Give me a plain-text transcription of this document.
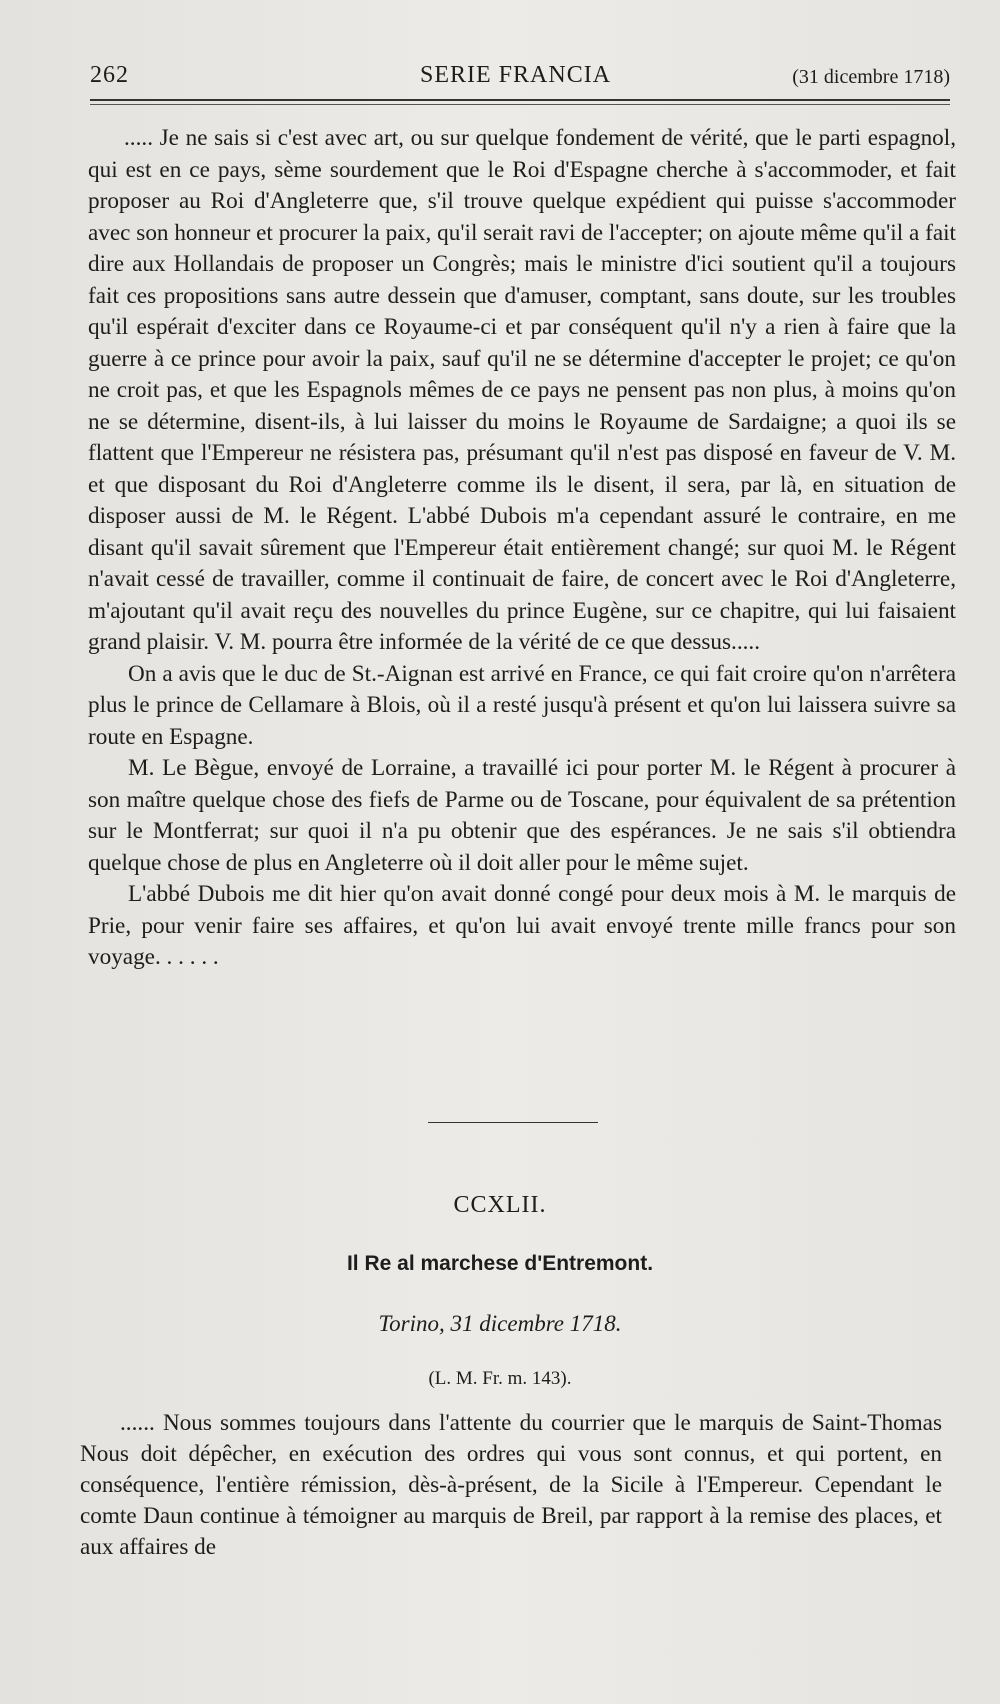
262	SERIE FRANCIA	(31 dicembre 1718)

..... Je ne sais si c'est avec art, ou sur quelque fondement de vérité, que le parti espagnol, qui est en ce pays, sème sourdement que le Roi d'Espagne cherche à s'accommoder, et fait proposer au Roi d'Angleterre que, s'il trouve quelque expédient qui puisse s'accommoder avec son honneur et procurer la paix, qu'il serait ravi de l'accepter; on ajoute même qu'il a fait dire aux Hollandais de proposer un Congrès; mais le ministre d'ici soutient qu'il a toujours fait ces propositions sans autre dessein que d'amuser, comptant, sans doute, sur les troubles qu'il espérait d'exciter dans ce Royaume-ci et par conséquent qu'il n'y a rien à faire que la guerre à ce prince pour avoir la paix, sauf qu'il ne se détermine d'accepter le projet; ce qu'on ne croit pas, et que les Espagnols mêmes de ce pays ne pensent pas non plus, à moins qu'on ne se détermine, disent-ils, à lui laisser du moins le Royaume de Sardaigne; a quoi ils se flattent que l'Empereur ne résistera pas, présumant qu'il n'est pas disposé en faveur de V. M. et que disposant du Roi d'Angleterre comme ils le disent, il sera, par là, en situation de disposer aussi de M. le Régent. L'abbé Dubois m'a cependant assuré le contraire, en me disant qu'il savait sûrement que l'Empereur était entièrement changé; sur quoi M. le Régent n'avait cessé de travailler, comme il continuait de faire, de concert avec le Roi d'Angleterre, m'ajoutant qu'il avait reçu des nouvelles du prince Eugène, sur ce chapitre, qui lui faisaient grand plaisir. V. M. pourra être informée de la vérité de ce que dessus.....

On a avis que le duc de St.-Aignan est arrivé en France, ce qui fait croire qu'on n'arrêtera plus le prince de Cellamare à Blois, où il a resté jusqu'à présent et qu'on lui laissera suivre sa route en Espagne.

M. Le Bègue, envoyé de Lorraine, a travaillé ici pour porter M. le Régent à procurer à son maître quelque chose des fiefs de Parme ou de Toscane, pour équivalent de sa prétention sur le Montferrat; sur quoi il n'a pu obtenir que des espérances. Je ne sais s'il obtiendra quelque chose de plus en Angleterre où il doit aller pour le même sujet.

L'abbé Dubois me dit hier qu'on avait donné congé pour deux mois à M. le marquis de Prie, pour venir faire ses affaires, et qu'on lui avait envoyé trente mille francs pour son voyage. . . . . .

CCXLII.
Il Re al marchese d'Entremont.
Torino, 31 dicembre 1718.
(L. M. Fr. m. 143).

...... Nous sommes toujours dans l'attente du courrier que le marquis de Saint-Thomas Nous doit dépêcher, en exécution des ordres qui vous sont connus, et qui portent, en conséquence, l'entière rémission, dès-à-présent, de la Sicile à l'Empereur. Cependant le comte Daun continue à témoigner au marquis de Breil, par rapport à la remise des places, et aux affaires de
